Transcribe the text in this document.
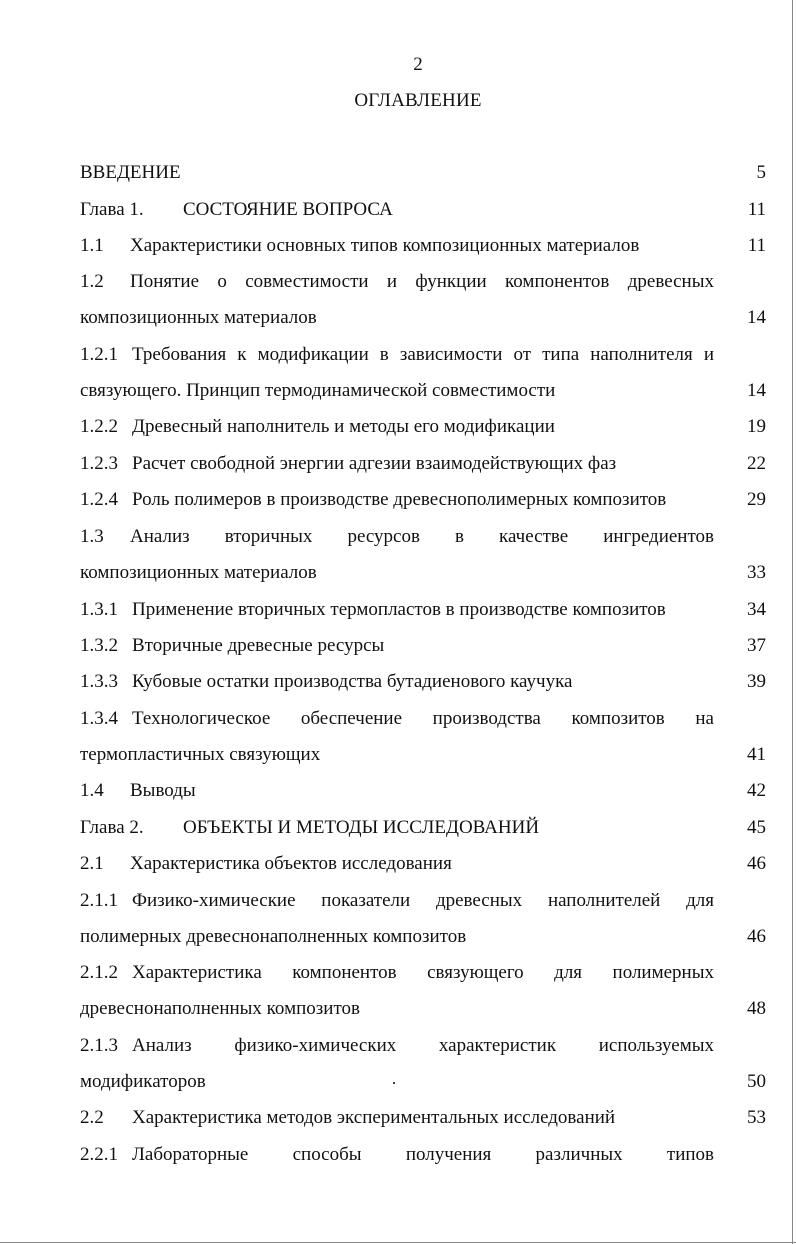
2
ОГЛАВЛЕНИЕ
ВВЕДЕНИЕ	5
Глава 1. СОСТОЯНИЕ ВОПРОСА	11
1.1 Характеристики основных типов композиционных материалов	11
1.2 Понятие о совместимости и функции компонентов древесных
композиционных материалов	14
1.2.1 Требования к модификации в зависимости от типа наполнителя и
связующего. Принцип термодинамической совместимости	14
1.2.2 Древесный наполнитель и методы его модификации	19
1.2.3 Расчет свободной энергии адгезии взаимодействующих фаз	22
1.2.4 Роль полимеров в производстве древеснополимерных композитов	29
1.3 Анализ вторичных ресурсов в качестве ингредиентов
композиционных материалов	33
1.3.1 Применение вторичных термопластов в производстве композитов	34
1.3.2 Вторичные древесные ресурсы	37
1.3.3 Кубовые остатки производства бутадиенового каучука	39
1.3.4 Технологическое обеспечение производства композитов на
термопластичных связующих	41
1.4 Выводы	42
Глава 2. ОБЪЕКТЫ И МЕТОДЫ ИССЛЕДОВАНИЙ	45
2.1 Характеристика объектов исследования	46
2.1.1 Физико-химические показатели древесных наполнителей для
полимерных древеснонаполненных композитов	46
2.1.2 Характеристика компонентов связующего для полимерных
древеснонаполненных композитов	48
2.1.3 Анализ физико-химических характеристик используемых
модификаторов	50
2.2 Характеристика методов экспериментальных исследований	53
2.2.1 Лабораторные способы получения различных типов
